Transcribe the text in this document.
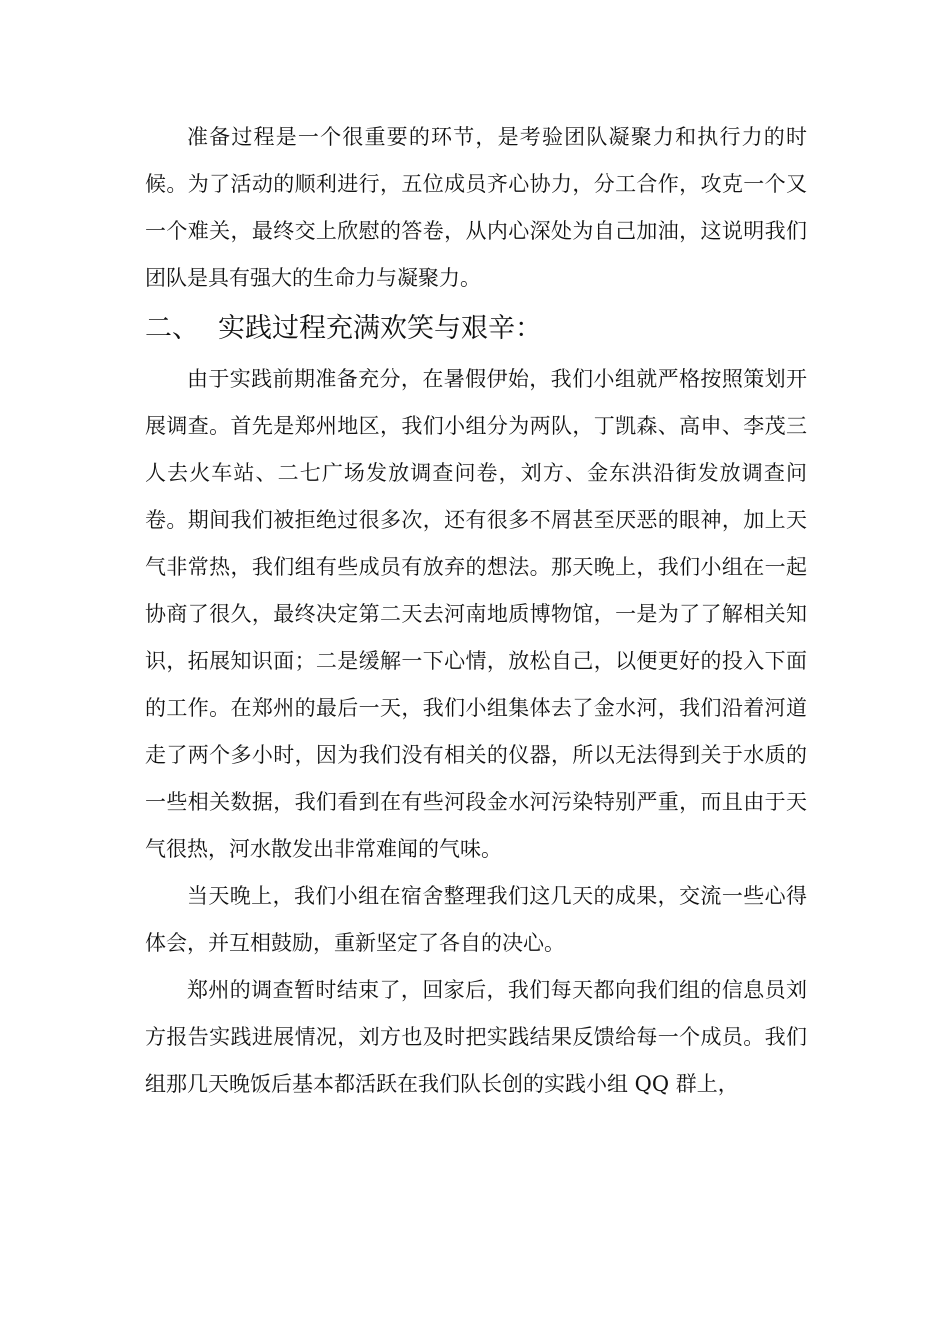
准备过程是一个很重要的环节，是考验团队凝聚力和执行力的时候。为了活动的顺利进行，五位成员齐心协力，分工合作，攻克一个又一个难关，最终交上欣慰的答卷，从内心深处为自己加油，这说明我们团队是具有强大的生命力与凝聚力。

二、 实践过程充满欢笑与艰辛：

由于实践前期准备充分，在暑假伊始，我们小组就严格按照策划开展调查。首先是郑州地区，我们小组分为两队，丁凯森、高申、李茂三人去火车站、二七广场发放调查问卷，刘方、金东洪沿街发放调查问卷。期间我们被拒绝过很多次，还有很多不屑甚至厌恶的眼神，加上天气非常热，我们组有些成员有放弃的想法。那天晚上，我们小组在一起协商了很久，最终决定第二天去河南地质博物馆，一是为了了解相关知识，拓展知识面；二是缓解一下心情，放松自己，以便更好的投入下面的工作。在郑州的最后一天，我们小组集体去了金水河，我们沿着河道走了两个多小时，因为我们没有相关的仪器，所以无法得到关于水质的一些相关数据，我们看到在有些河段金水河污染特别严重，而且由于天气很热，河水散发出非常难闻的气味。

当天晚上，我们小组在宿舍整理我们这几天的成果，交流一些心得体会，并互相鼓励，重新坚定了各自的决心。

郑州的调查暂时结束了，回家后，我们每天都向我们组的信息员刘方报告实践进展情况，刘方也及时把实践结果反馈给每一个成员。我们组那几天晚饭后基本都活跃在我们队长创的实践小组 QQ 群上，
